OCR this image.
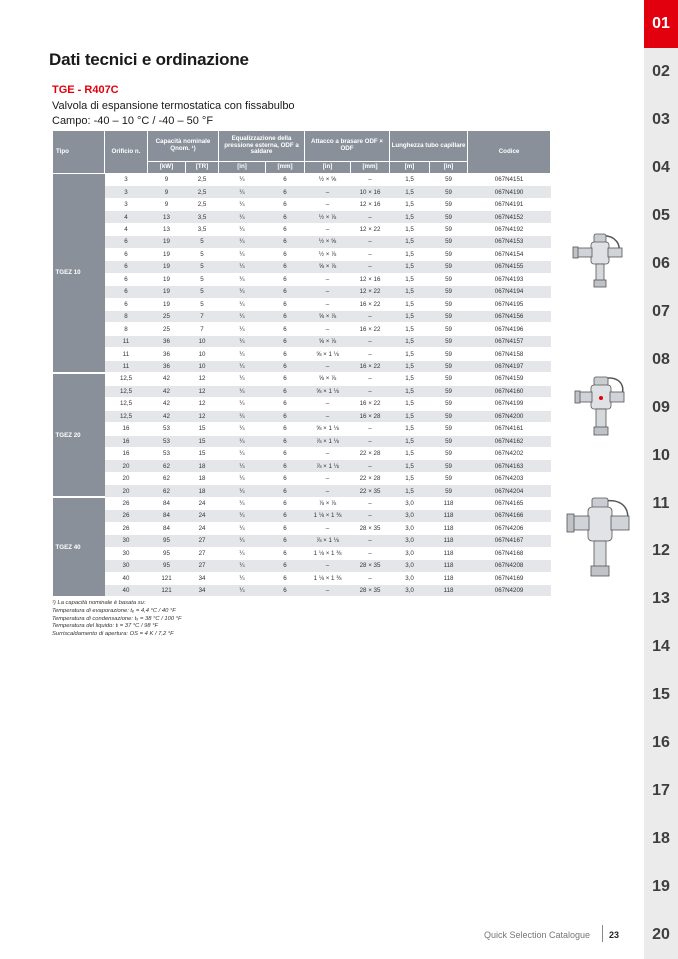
Dati tecnici e ordinazione
TGE - R407C
Valvola di espansione termostatica con fissabulbo
Campo: -40 – 10 °C / -40 – 50 °F
Tipo	Orificio n.	Capacità nominale Qnom. ¹)		Equalizzazione della pressione esterna, ODF a saldare		Attacco a brasare ODF × ODF		Lunghezza tubo capillare		Codice
		[kW]	[TR]	[in]	[mm]	[in]	[mm]	[m]	[in]	
TGEZ 10	3	9	2,5	¼	6	½ × ⅝	–	1,5	59	067N4151
	3	9	2,5	¼	6	–	10 × 16	1,5	59	067N4190
	3	9	2,5	¼	6	–	12 × 16	1,5	59	067N4191
	4	13	3,5	¼	6	½ × ⅞	–	1,5	59	067N4152
	4	13	3,5	¼	6	–	12 × 22	1,5	59	067N4192
	6	19	5	¼	6	½ × ⅝	–	1,5	59	067N4153
	6	19	5	¼	6	½ × ⅞	–	1,5	59	067N4154
	6	19	5	¼	6	⅝ × ⅞	–	1,5	59	067N4155
	6	19	5	¼	6	–	12 × 16	1,5	59	067N4193
	6	19	5	¼	6	–	12 × 22	1,5	59	067N4194
	6	19	5	¼	6	–	16 × 22	1,5	59	067N4195
	8	25	7	¼	6	⅝ × ⅞	–	1,5	59	067N4156
	8	25	7	¼	6	–	16 × 22	1,5	59	067N4196
	11	36	10	¼	6	⅝ × ⅞	–	1,5	59	067N4157
	11	36	10	¼	6	⅝ × 1 ⅛	–	1,5	59	067N4158
	11	36	10	¼	6	–	16 × 22	1,5	59	067N4197
TGEZ 20	12,5	42	12	¼	6	⅝ × ⅞	–	1,5	59	067N4159
	12,5	42	12	¼	6	⅝ × 1 ⅛	–	1,5	59	067N4160
	12,5	42	12	¼	6	–	16 × 22	1,5	59	067N4199
	12,5	42	12	¼	6	–	16 × 28	1,5	59	067N4200
	16	53	15	¼	6	⅝ × 1 ⅛	–	1,5	59	067N4161
	16	53	15	¼	6	⅞ × 1 ⅛	–	1,5	59	067N4162
	16	53	15	¼	6	–	22 × 28	1,5	59	067N4202
	20	62	18	¼	6	⅞ × 1 ⅛	–	1,5	59	067N4163
	20	62	18	¼	6	–	22 × 28	1,5	59	067N4203
	20	62	18	¼	6	–	22 × 35	1,5	59	067N4204
TGEZ 40	26	84	24	¼	6	⅞ × ⅞	–	3,0	118	067N4165
	26	84	24	¼	6	1 ⅛ × 1 ⅜	–	3,0	118	067N4166
	26	84	24	¼	6	–	28 × 35	3,0	118	067N4206
	30	95	27	¼	6	⅞ × 1 ⅛	–	3,0	118	067N4167
	30	95	27	¼	6	1 ⅛ × 1 ⅜	–	3,0	118	067N4168
	30	95	27	¼	6	–	28 × 35	3,0	118	067N4208
	40	121	34	¼	6	1 ⅛ × 1 ⅜	–	3,0	118	067N4169
	40	121	34	¼	6	–	28 × 35	3,0	118	067N4209
¹) La capacità nominale è basata su:
Temperatura di evaporazione: tₑ = 4,4 °C / 40 °F
Temperatura di condensazione: tₓ = 38 °C / 100 °F
Temperatura del liquido: tₗ = 37 °C / 98 °F
Surriscaldamento di apertura: OS = 4 K / 7,2 °F
01
02
03
04
05
06
07
08
09
10
11
12
13
14
15
16
17
18
19
20
Quick Selection Catalogue 23
